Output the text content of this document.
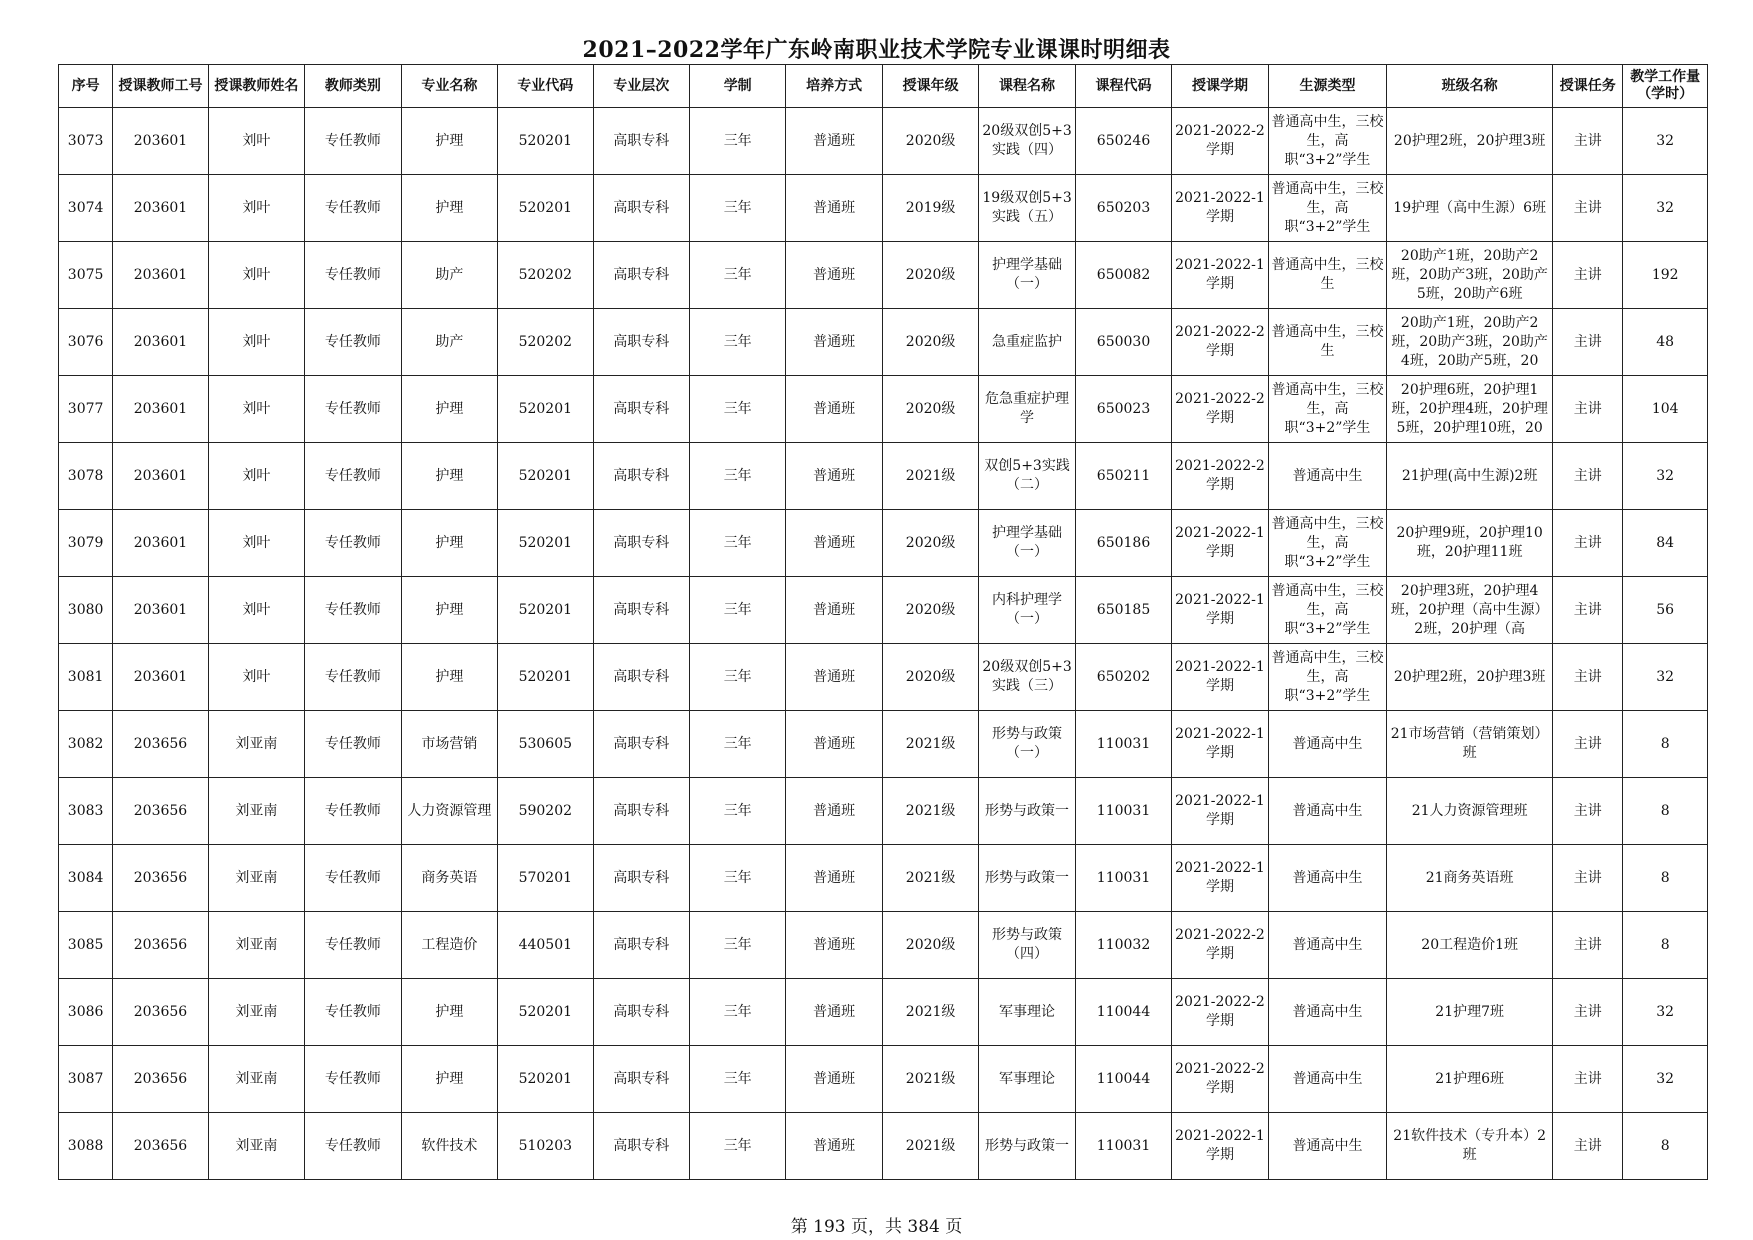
2021–2022学年广东岭南职业技术学院专业课课时明细表
序号	授课教师工号	授课教师姓名	教师类别	专业名称	专业代码	专业层次	学制	培养方式	授课年级	课程名称	课程代码	授课学期	生源类型	班级名称	授课任务	教学工作量（学时）

3073	203601	刘叶	专任教师	护理	520201	高职专科	三年	普通班	2020级	20级双创5+3实践（四）	650246	2021-2022-2学期	普通高中生，三校生，高职“3+2”学生	20护理2班，20护理3班	主讲	32

3074	203601	刘叶	专任教师	护理	520201	高职专科	三年	普通班	2019级	19级双创5+3实践（五）	650203	2021-2022-1学期	普通高中生，三校生，高职“3+2”学生	19护理（高中生源）6班	主讲	32

3075	203601	刘叶	专任教师	助产	520202	高职专科	三年	普通班	2020级	护理学基础（一）	650082	2021-2022-1学期	普通高中生，三校生	20助产1班，20助产2班，20助产3班，20助产5班，20助产6班	主讲	192

3076	203601	刘叶	专任教师	助产	520202	高职专科	三年	普通班	2020级	急重症监护	650030	2021-2022-2学期	普通高中生，三校生	20助产1班，20助产2班，20助产3班，20助产4班，20助产5班，20	主讲	48

3077	203601	刘叶	专任教师	护理	520201	高职专科	三年	普通班	2020级	危急重症护理学	650023	2021-2022-2学期	普通高中生，三校生，高职“3+2”学生	20护理6班，20护理1班，20护理4班，20护理5班，20护理10班，20	主讲	104

3078	203601	刘叶	专任教师	护理	520201	高职专科	三年	普通班	2021级	双创5+3实践（二）	650211	2021-2022-2学期	普通高中生	21护理(高中生源)2班	主讲	32

3079	203601	刘叶	专任教师	护理	520201	高职专科	三年	普通班	2020级	护理学基础（一）	650186	2021-2022-1学期	普通高中生，三校生，高职“3+2”学生	20护理9班，20护理10班，20护理11班	主讲	84

3080	203601	刘叶	专任教师	护理	520201	高职专科	三年	普通班	2020级	内科护理学（一）	650185	2021-2022-1学期	普通高中生，三校生，高职“3+2”学生	20护理3班，20护理4班，20护理（高中生源）2班，20护理（高	主讲	56

3081	203601	刘叶	专任教师	护理	520201	高职专科	三年	普通班	2020级	20级双创5+3实践（三）	650202	2021-2022-1学期	普通高中生，三校生，高职“3+2”学生	20护理2班，20护理3班	主讲	32

3082	203656	刘亚南	专任教师	市场营销	530605	高职专科	三年	普通班	2021级	形势与政策（一）	110031	2021-2022-1学期	普通高中生	21市场营销（营销策划）班	主讲	8

3083	203656	刘亚南	专任教师	人力资源管理	590202	高职专科	三年	普通班	2021级	形势与政策一	110031	2021-2022-1学期	普通高中生	21人力资源管理班	主讲	8

3084	203656	刘亚南	专任教师	商务英语	570201	高职专科	三年	普通班	2021级	形势与政策一	110031	2021-2022-1学期	普通高中生	21商务英语班	主讲	8

3085	203656	刘亚南	专任教师	工程造价	440501	高职专科	三年	普通班	2020级	形势与政策（四）	110032	2021-2022-2学期	普通高中生	20工程造价1班	主讲	8

3086	203656	刘亚南	专任教师	护理	520201	高职专科	三年	普通班	2021级	军事理论	110044	2021-2022-2学期	普通高中生	21护理7班	主讲	32

3087	203656	刘亚南	专任教师	护理	520201	高职专科	三年	普通班	2021级	军事理论	110044	2021-2022-2学期	普通高中生	21护理6班	主讲	32

3088	203656	刘亚南	专任教师	软件技术	510203	高职专科	三年	普通班	2021级	形势与政策一	110031	2021-2022-1学期	普通高中生	21软件技术（专升本）2班	主讲	8
第 193 页，共 384 页
